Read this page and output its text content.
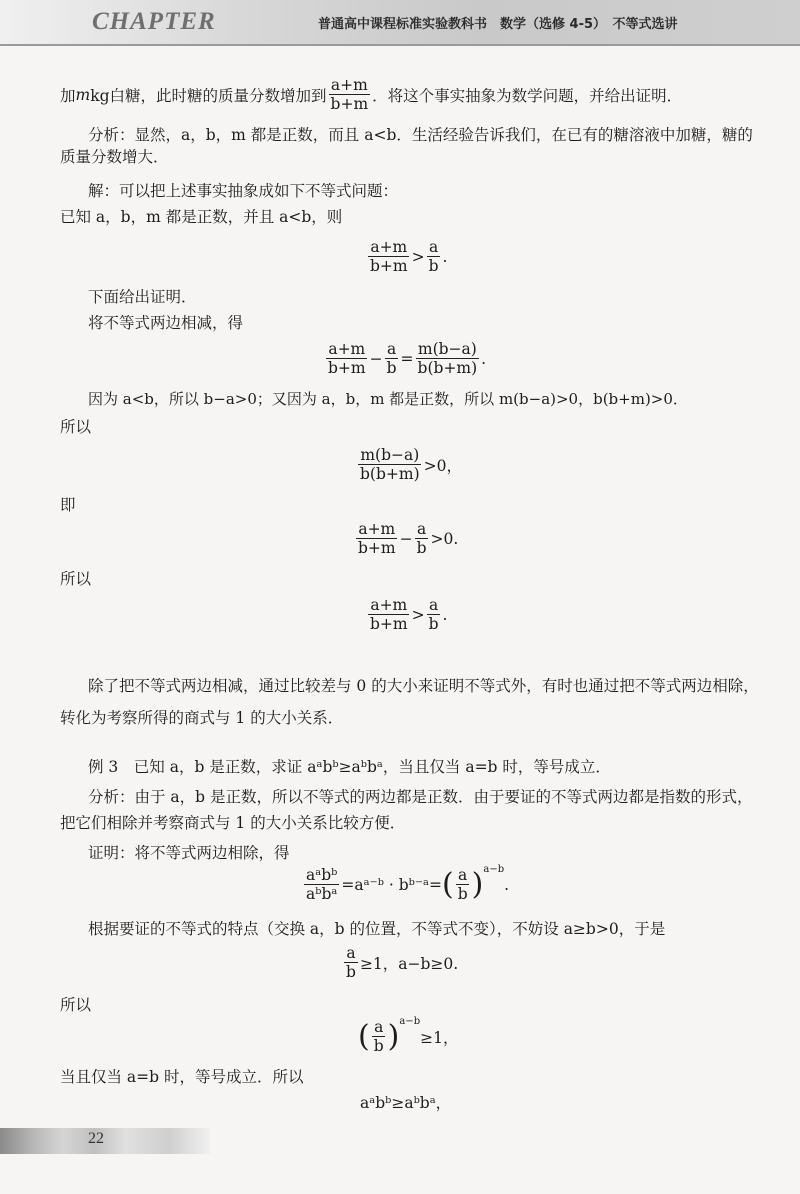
CHAPTER	普通高中课程标准实验教科书　数学（选修 4-5）　不等式选讲
加 m kg白糖，此时糖的质量分数增加到 $\frac{a+m}{b+m}$ ．将这个事实抽象为数学问题，并给出证明．
分析：显然，a，b，m 都是正数，而且 a<b．生活经验告诉我们，在已有的糖溶液中加糖，糖的质量分数增大．
解：可以把上述事实抽象成如下不等式问题：
已知 a，b，m 都是正数，并且 a<b，则
$\frac{a+m}{b+m} > \frac{a}{b}$ .
下面给出证明．
将不等式两边相减，得
$\frac{a+m}{b+m} - \frac{a}{b} = \frac{m(b-a)}{b(b+m)}$ .
因为 a<b，所以 b−a>0；又因为 a，b，m 都是正数，所以 m(b−a)>0，b(b+m)>0．
所以
$\frac{m(b-a)}{b(b+m)} >0$，
即
$\frac{a+m}{b+m} - \frac{a}{b} >0$.
所以
$\frac{a+m}{b+m} > \frac{a}{b}$ .
除了把不等式两边相减，通过比较差与 0 的大小来证明不等式外，有时也通过把不等式两边相除，转化为考察所得的商式与 1 的大小关系．
例 3　已知 a，b 是正数，求证 aᵃbᵇ≥aᵇbᵃ，当且仅当 a=b 时，等号成立．
分析：由于 a，b 是正数，所以不等式的两边都是正数．由于要证的不等式两边都是指数的形式，把它们相除并考察商式与 1 的大小关系比较方便．
证明：将不等式两边相除，得
$\frac{\text{aᵃbᵇ}}{\text{aᵇbᵃ}}$ =aᵃ⁻ᵇ · bᵇ⁻ᵃ= ( $\frac{a}{b} )^{a-b}$
.
根据要证的不等式的特点（交换 a，b 的位置，不等式不变），不妨设 a≥b>0，于是
$\frac{a}{b} \ge 1$，a−b≥0.
所以
( $\frac{a}{b} )^{a-b}$
≥1，
当且仅当 a=b 时，等号成立．所以
aᵃbᵇ≥aᵇbᵃ，
22
